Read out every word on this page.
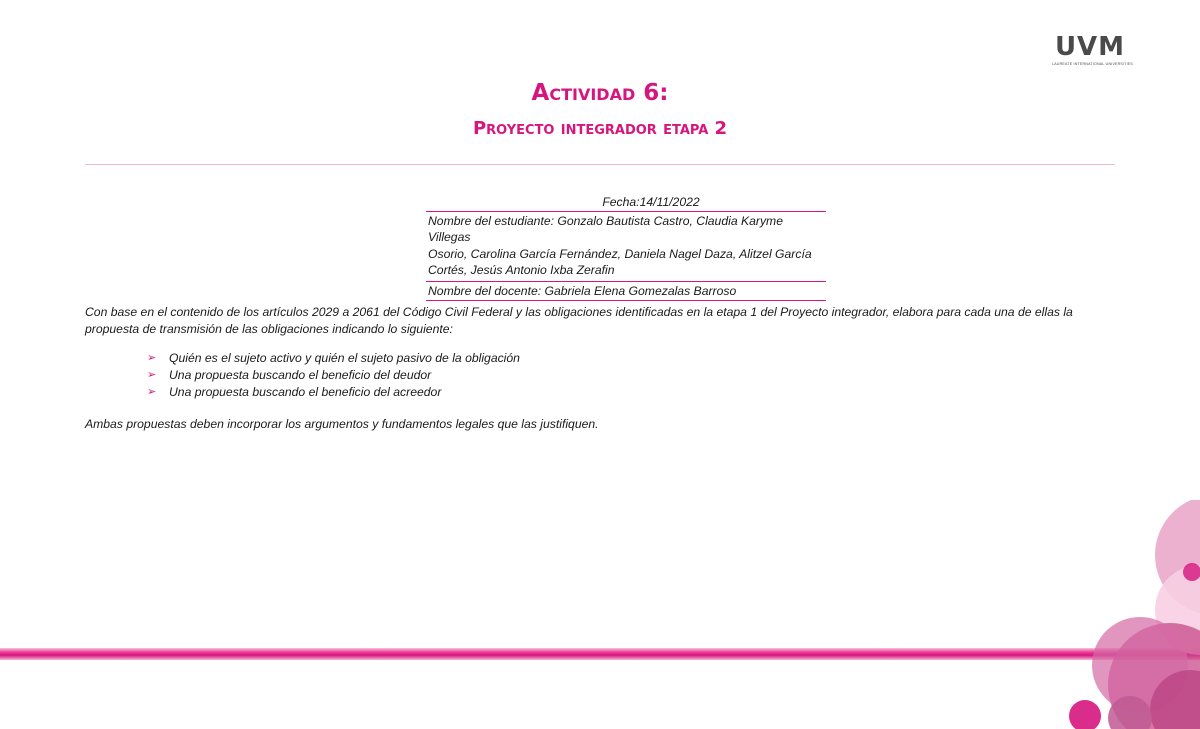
UVM
LAUREATE INTERNATIONAL UNIVERSITIES
Actividad 6:
Proyecto integrador etapa 2
Fecha:14/11/2022
Nombre del estudiante: Gonzalo Bautista Castro, Claudia Karyme Villegas
Osorio, Carolina García Fernández, Daniela Nagel Daza, Alitzel García
Cortés, Jesús Antonio Ixba Zerafin
Nombre del docente: Gabriela Elena Gomezalas Barroso
Con base en el contenido de los artículos 2029 a 2061 del Código Civil Federal y las obligaciones identificadas en la etapa 1 del Proyecto integrador, elabora para cada una de ellas la propuesta de transmisión de las obligaciones indicando lo siguiente:
➢	Quién es el sujeto activo y quién el sujeto pasivo de la obligación
➢	Una propuesta buscando el beneficio del deudor
➢	Una propuesta buscando el beneficio del acreedor
Ambas propuestas deben incorporar los argumentos y fundamentos legales que las justifiquen.
